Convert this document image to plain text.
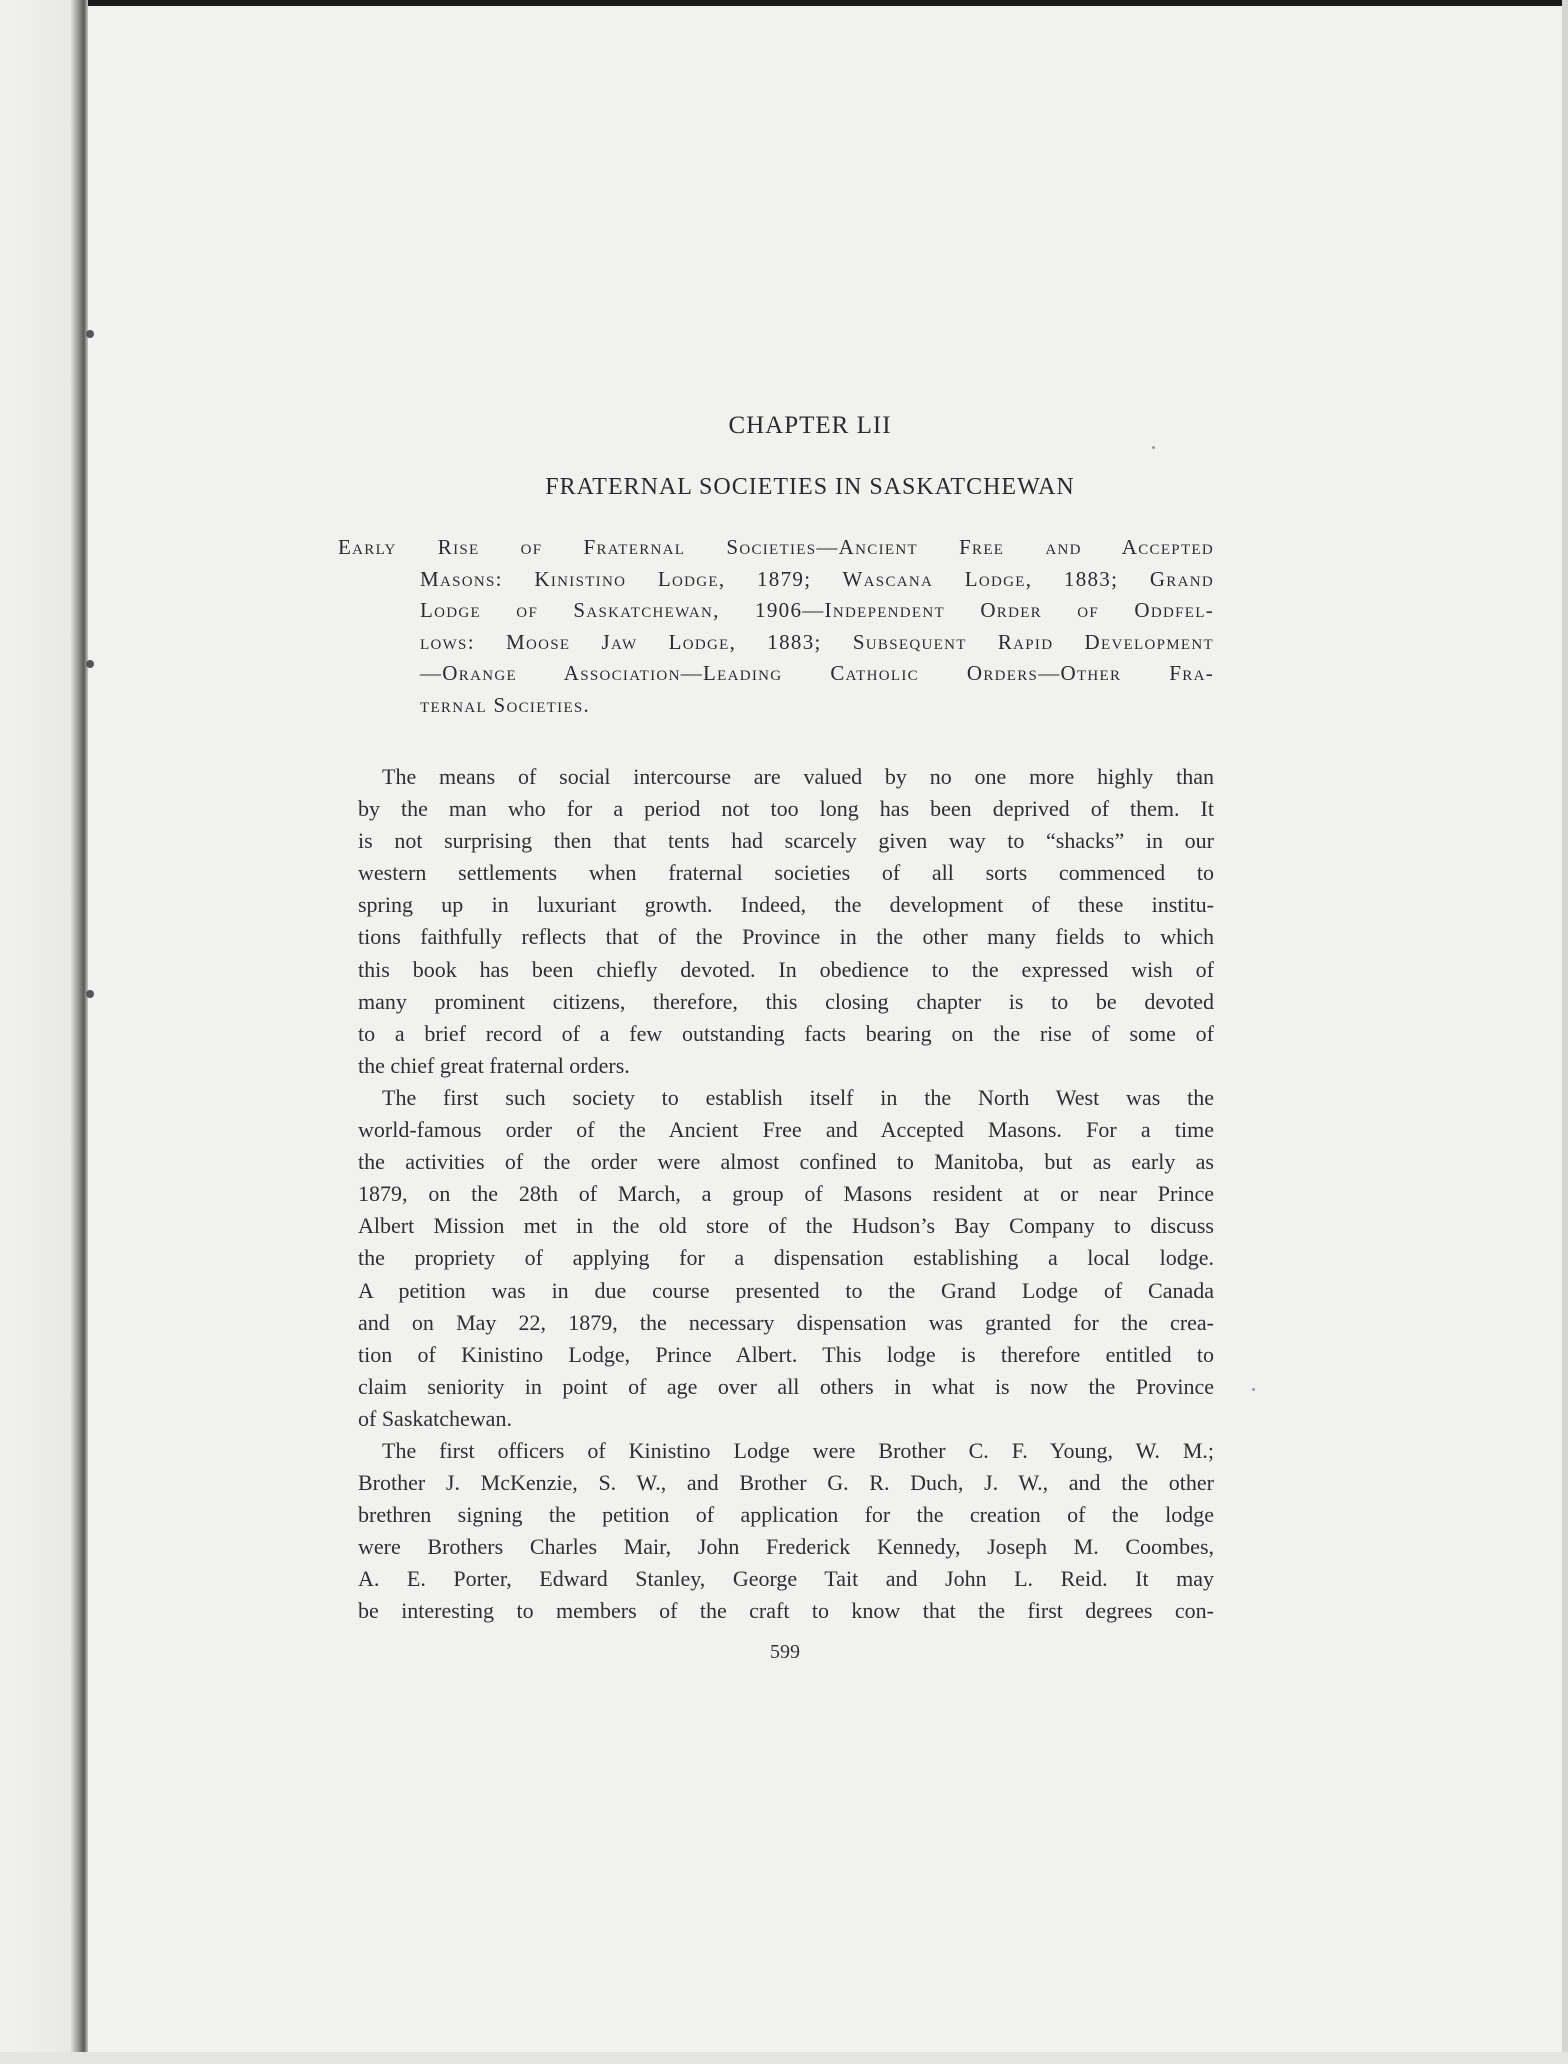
CHAPTER LII
FRATERNAL SOCIETIES IN SASKATCHEWAN
Early Rise of Fraternal Societies—Ancient Free and Accepted
Masons: Kinistino Lodge, 1879; Wascana Lodge, 1883; Grand
Lodge of Saskatchewan, 1906—Independent Order of Oddfel-
lows: Moose Jaw Lodge, 1883; Subsequent Rapid Development
—Orange Association—Leading Catholic Orders—Other Fra-
ternal Societies.
The means of social intercourse are valued by no one more highly than
by the man who for a period not too long has been deprived of them. It
is not surprising then that tents had scarcely given way to “shacks” in our
western settlements when fraternal societies of all sorts commenced to
spring up in luxuriant growth. Indeed, the development of these institu-
tions faithfully reflects that of the Province in the other many fields to which
this book has been chiefly devoted. In obedience to the expressed wish of
many prominent citizens, therefore, this closing chapter is to be devoted
to a brief record of a few outstanding facts bearing on the rise of some of
the chief great fraternal orders.
The first such society to establish itself in the North West was the
world-famous order of the Ancient Free and Accepted Masons. For a time
the activities of the order were almost confined to Manitoba, but as early as
1879, on the 28th of March, a group of Masons resident at or near Prince
Albert Mission met in the old store of the Hudson’s Bay Company to discuss
the propriety of applying for a dispensation establishing a local lodge.
A petition was in due course presented to the Grand Lodge of Canada
and on May 22, 1879, the necessary dispensation was granted for the crea-
tion of Kinistino Lodge, Prince Albert. This lodge is therefore entitled to
claim seniority in point of age over all others in what is now the Province
of Saskatchewan.
The first officers of Kinistino Lodge were Brother C. F. Young, W. M.;
Brother J. McKenzie, S. W., and Brother G. R. Duch, J. W., and the other
brethren signing the petition of application for the creation of the lodge
were Brothers Charles Mair, John Frederick Kennedy, Joseph M. Coombes,
A. E. Porter, Edward Stanley, George Tait and John L. Reid. It may
be interesting to members of the craft to know that the first degrees con-
599
